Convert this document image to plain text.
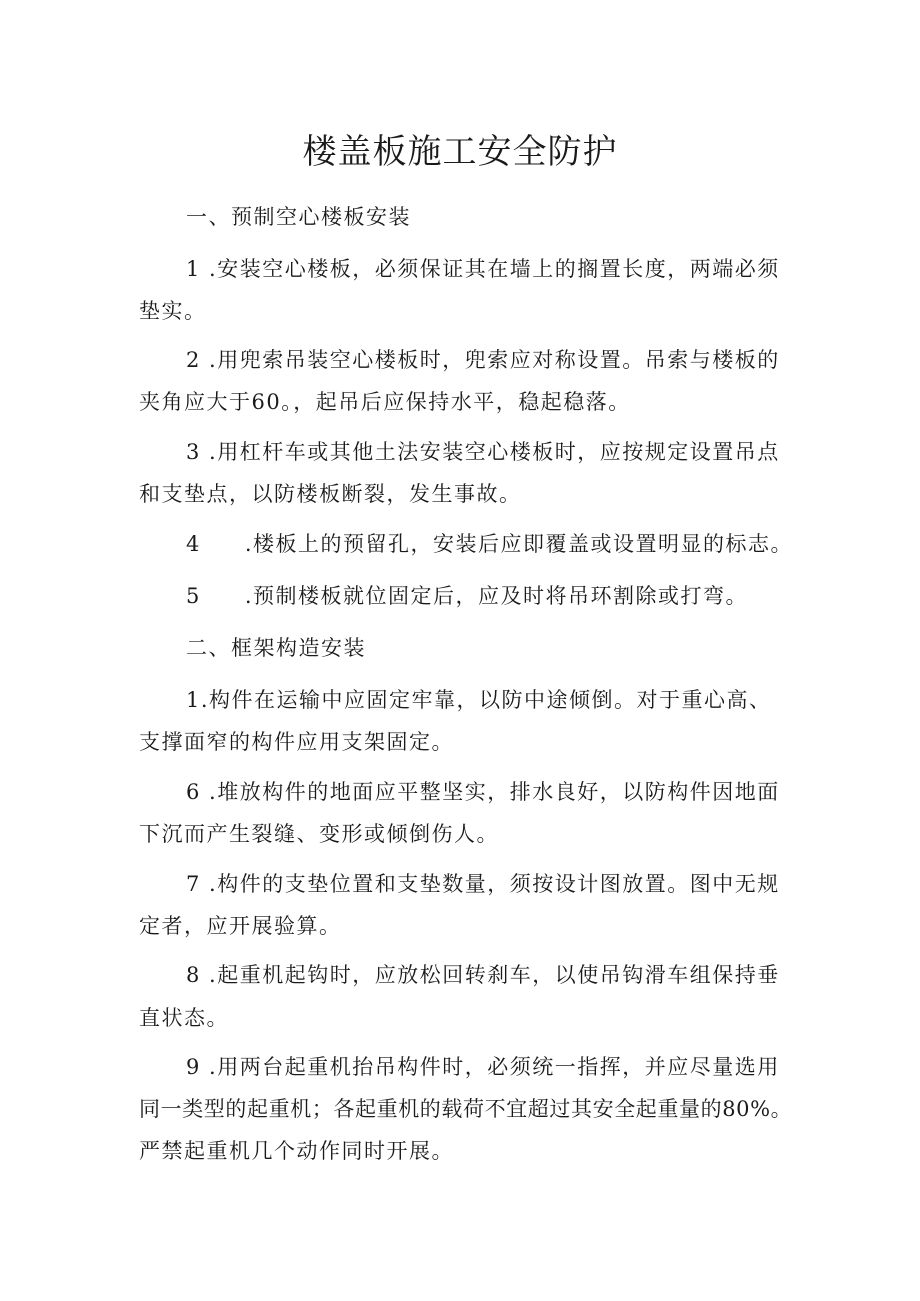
楼盖板施工安全防护
一、预制空心楼板安装
1 .安装空心楼板，必须保证其在墙上的搁置长度，两端必须
垫实。
2 .用兜索吊装空心楼板时，兜索应对称设置。吊索与楼板的
夹角应大于60。，起吊后应保持水平，稳起稳落。
3 .用杠杆车或其他土法安装空心楼板时，应按规定设置吊点
和支垫点，以防楼板断裂，发生事故。
4 .楼板上的预留孔，安装后应即覆盖或设置明显的标志。
5 .预制楼板就位固定后，应及时将吊环割除或打弯。
二、框架构造安装
1.构件在运输中应固定牢靠，以防中途倾倒。对于重心高、
支撑面窄的构件应用支架固定。
6 .堆放构件的地面应平整坚实，排水良好，以防构件因地面
下沉而产生裂缝、变形或倾倒伤人。
7 .构件的支垫位置和支垫数量，须按设计图放置。图中无规
定者，应开展验算。
8 .起重机起钩时，应放松回转刹车，以使吊钩滑车组保持垂
直状态。
9 .用两台起重机抬吊构件时，必须统一指挥，并应尽量选用
同一类型的起重机；各起重机的载荷不宜超过其安全起重量的80%。
严禁起重机几个动作同时开展。
